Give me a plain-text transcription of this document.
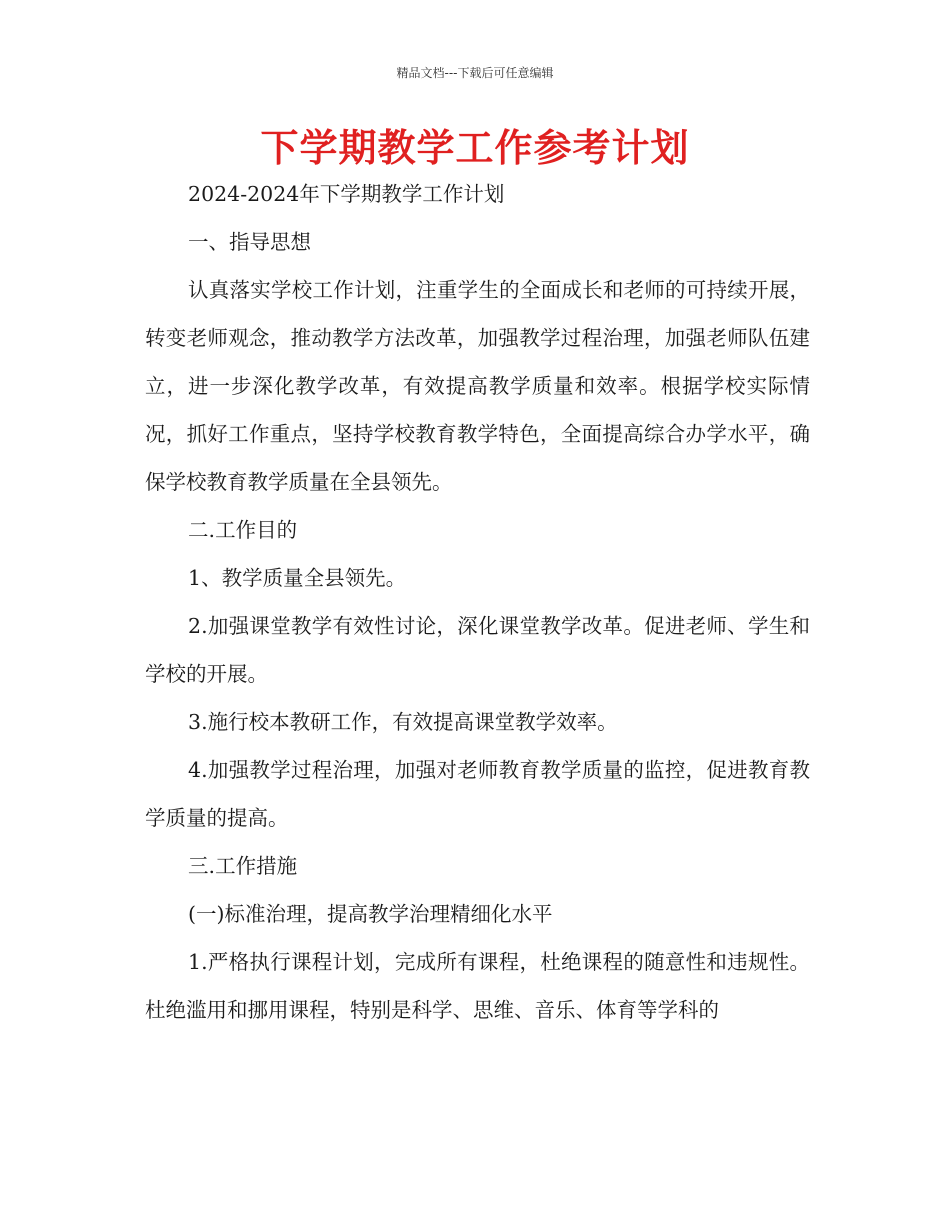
精品文档---下载后可任意编辑
下学期教学工作参考计划

2024-2024年下学期教学工作计划

一、指导思想

认真落实学校工作计划，注重学生的全面成长和老师的可持续开展，转变老师观念，推动教学方法改革，加强教学过程治理，加强老师队伍建立，进一步深化教学改革，有效提高教学质量和效率。根据学校实际情况，抓好工作重点，坚持学校教育教学特色，全面提高综合办学水平，确保学校教育教学质量在全县领先。

二.工作目的

1、教学质量全县领先。

2.加强课堂教学有效性讨论，深化课堂教学改革。促进老师、学生和学校的开展。

3.施行校本教研工作，有效提高课堂教学效率。

4.加强教学过程治理，加强对老师教育教学质量的监控，促进教育教学质量的提高。

三.工作措施

(一)标准治理，提高教学治理精细化水平

1.严格执行课程计划，完成所有课程，杜绝课程的随意性和违规性。杜绝滥用和挪用课程，特别是科学、思维、音乐、体育等学科的
